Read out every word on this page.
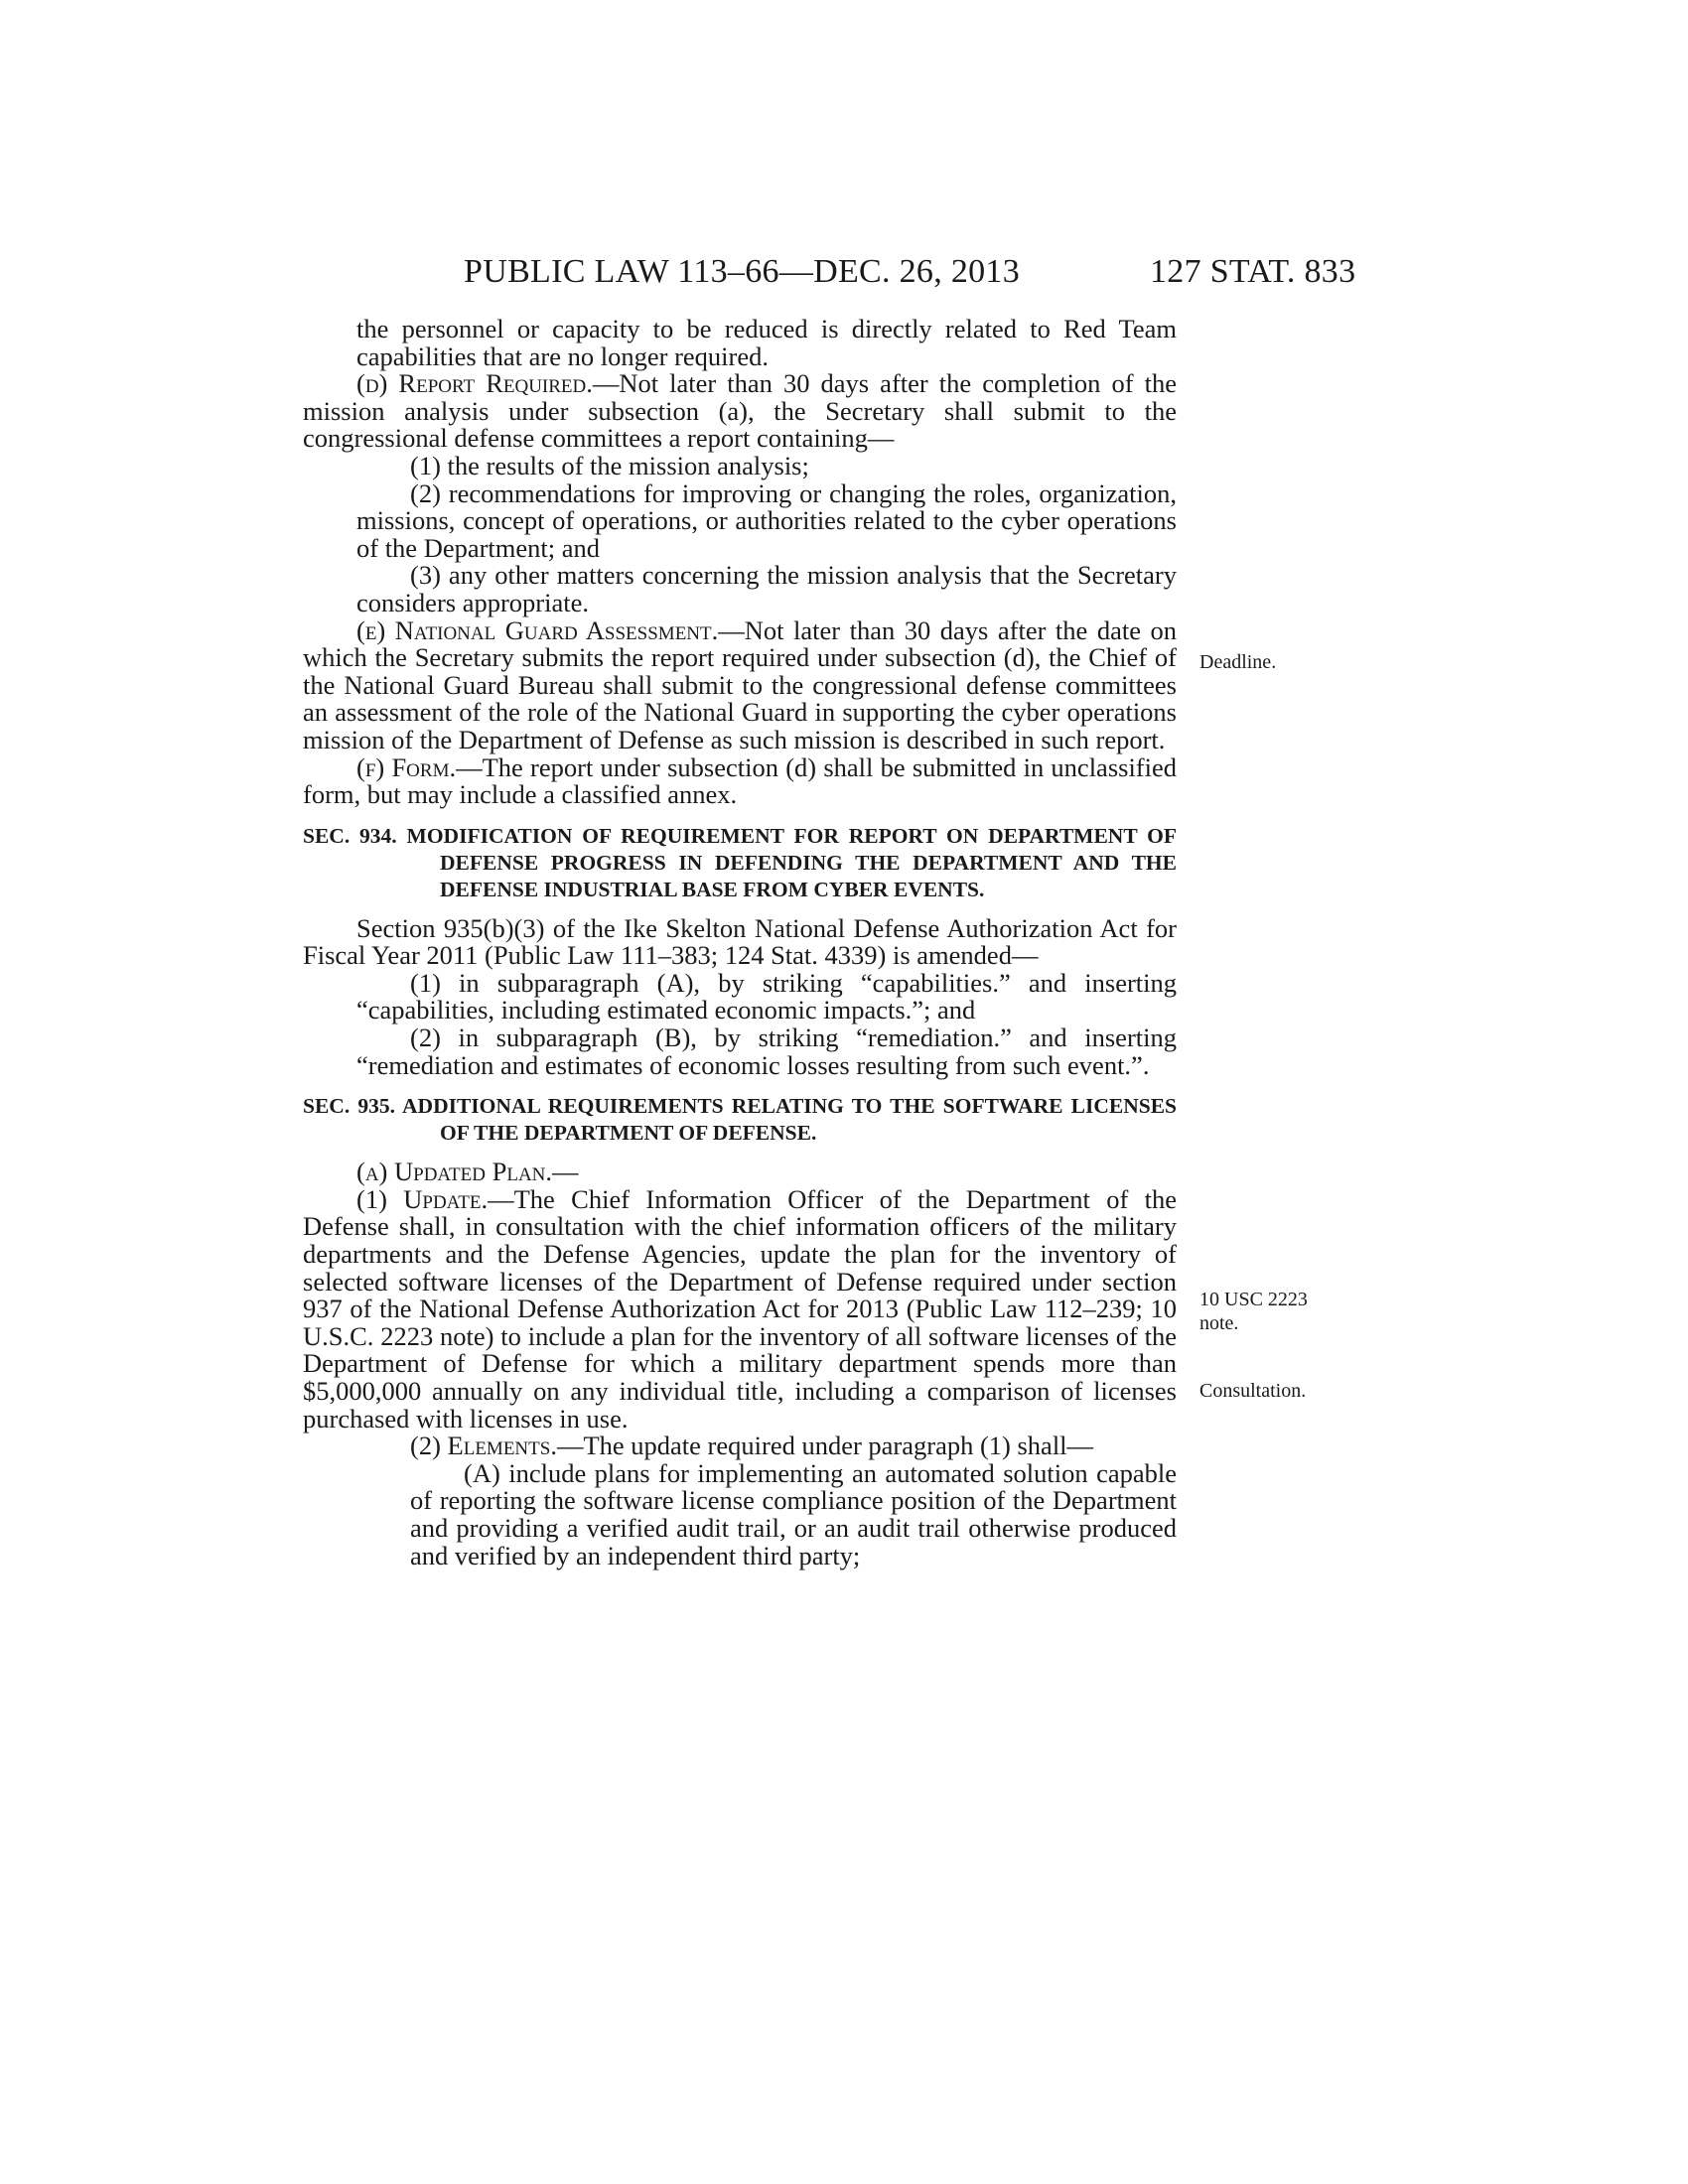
PUBLIC LAW 113–66—DEC. 26, 2013	127 STAT. 833
Deadline.
10 USC 2223
note.
Consultation.

the personnel or capacity to be reduced is directly related to Red Team capabilities that are no longer required.

(d) Report Required.—Not later than 30 days after the completion of the mission analysis under subsection (a), the Secretary shall submit to the congressional defense committees a report containing—

(1) the results of the mission analysis;

(2) recommendations for improving or changing the roles, organization, missions, concept of operations, or authorities related to the cyber operations of the Department; and

(3) any other matters concerning the mission analysis that the Secretary considers appropriate.

(e) National Guard Assessment.—Not later than 30 days after the date on which the Secretary submits the report required under subsection (d), the Chief of the National Guard Bureau shall submit to the congressional defense committees an assessment of the role of the National Guard in supporting the cyber operations mission of the Department of Defense as such mission is described in such report.

(f) Form.—The report under subsection (d) shall be submitted in unclassified form, but may include a classified annex.

SEC. 934. MODIFICATION OF REQUIREMENT FOR REPORT ON DEPARTMENT OF DEFENSE PROGRESS IN DEFENDING THE DEPARTMENT AND THE DEFENSE INDUSTRIAL BASE FROM CYBER EVENTS.

Section 935(b)(3) of the Ike Skelton National Defense Authorization Act for Fiscal Year 2011 (Public Law 111–383; 124 Stat. 4339) is amended—

(1) in subparagraph (A), by striking “capabilities.” and inserting “capabilities, including estimated economic impacts.”; and

(2) in subparagraph (B), by striking “remediation.” and inserting “remediation and estimates of economic losses resulting from such event.”.

SEC. 935. ADDITIONAL REQUIREMENTS RELATING TO THE SOFTWARE LICENSES OF THE DEPARTMENT OF DEFENSE.

(a) Updated Plan.—

(1) Update.—The Chief Information Officer of the Department of the Defense shall, in consultation with the chief information officers of the military departments and the Defense Agencies, update the plan for the inventory of selected software licenses of the Department of Defense required under section 937 of the National Defense Authorization Act for 2013 (Public Law 112–239; 10 U.S.C. 2223 note) to include a plan for the inventory of all software licenses of the Department of Defense for which a military department spends more than $5,000,000 annually on any individual title, including a comparison of licenses purchased with licenses in use.

(2) Elements.—The update required under paragraph (1) shall—

(A) include plans for implementing an automated solution capable of reporting the software license compliance position of the Department and providing a verified audit trail, or an audit trail otherwise produced and verified by an independent third party;
